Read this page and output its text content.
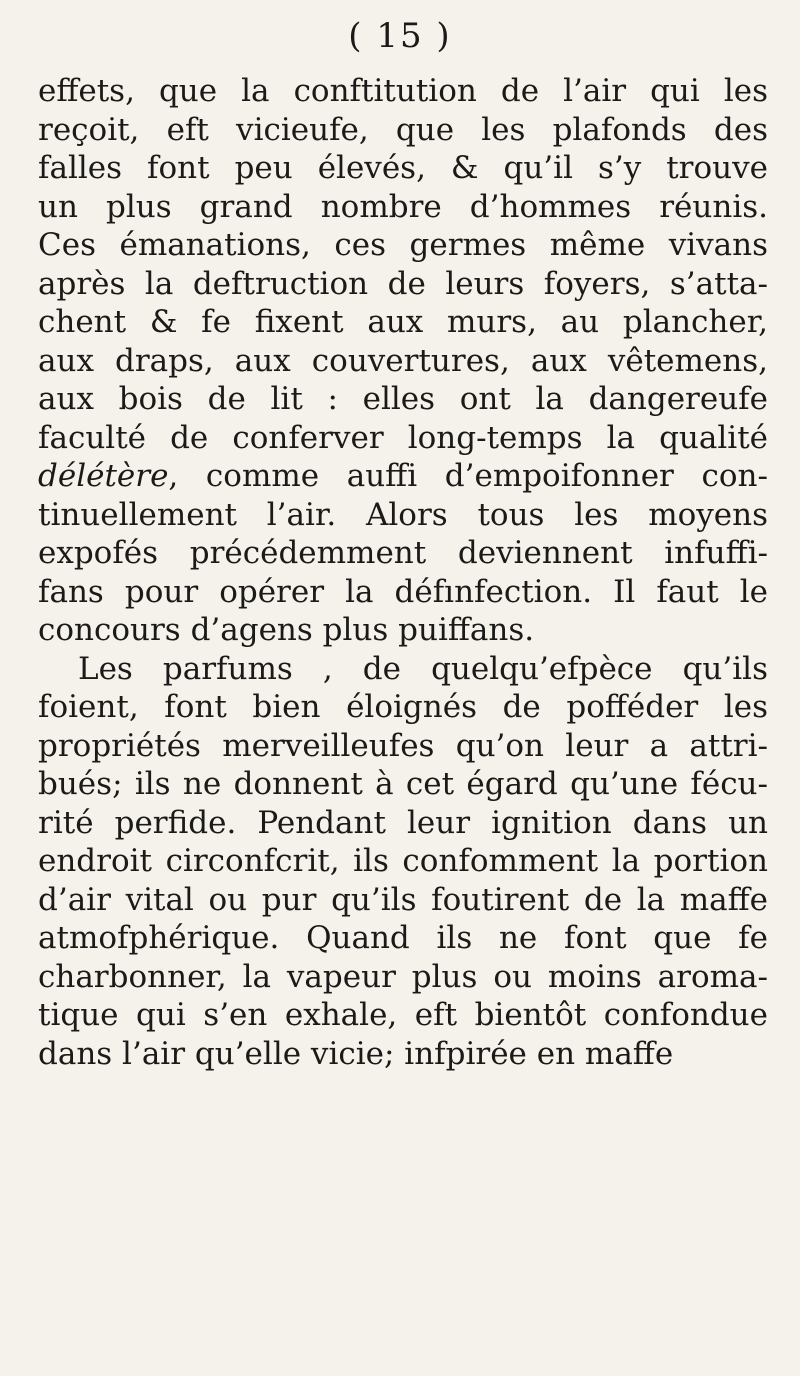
( 15 )
effets, que la conftitution de l’air qui les
reçoit, eft vicieufe, que les plafonds des
falles font peu élevés, & qu’il s’y trouve
un plus grand nombre d’hommes réunis.
Ces émanations, ces germes même vivans
après la deftruction de leurs foyers, s’atta-
chent & fe fixent aux murs, au plancher,
aux draps, aux couvertures, aux vêtemens,
aux bois de lit : elles ont la dangereufe
faculté de conferver long-temps la qualité
délétère, comme auffi d’empoifonner con-
tinuellement l’air. Alors tous les moyens
expofés précédemment deviennent infuffi-
fans pour opérer la défınfection. Il faut le
concours d’agens plus puiffans.
Les parfums , de quelqu’efpèce qu’ils
foient, font bien éloignés de pofféder les
propriétés merveilleufes qu’on leur a attri-
bués; ils ne donnent à cet égard qu’une fécu-
rité perfide. Pendant leur ignition dans un
endroit circonfcrit, ils confomment la portion
d’air vital ou pur qu’ils foutirent de la maffe
atmofphérique. Quand ils ne font que fe
charbonner, la vapeur plus ou moins aroma-
tique qui s’en exhale, eft bientôt confondue
dans l’air qu’elle vicie; infpirée en maffe
